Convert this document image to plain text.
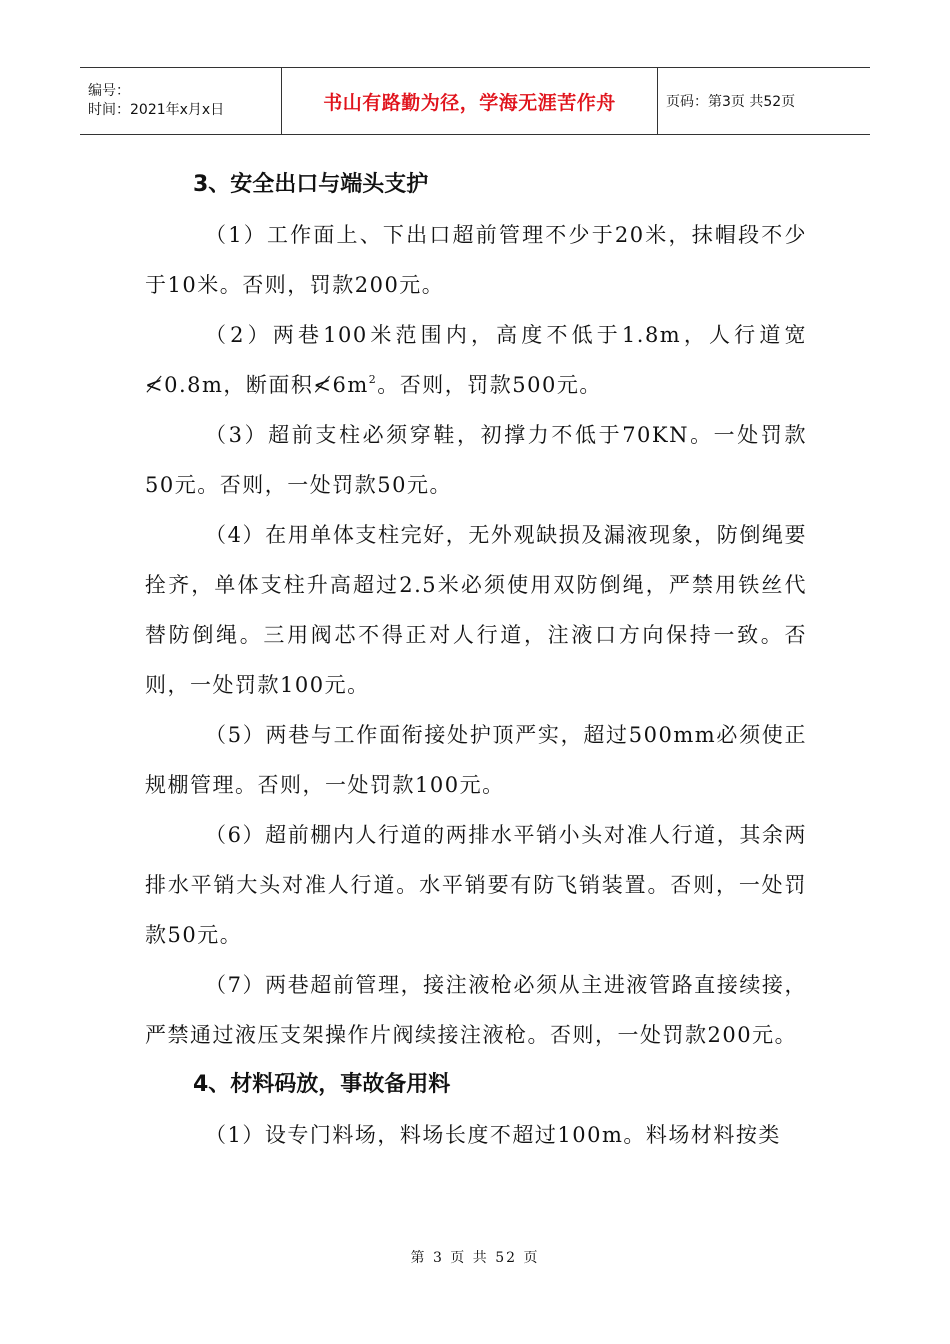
编号：
时间：2021年x月x日	书山有路勤为径，学海无涯苦作舟	页码：第3页 共52页

3、安全出口与端头支护

（1）工作面上、下出口超前管理不少于20米，抹帽段不少于10米。否则，罚款200元。

（2）两巷100米范围内，高度不低于1.8m，人行道宽≮0.8m，断面积$≮6m^2$。否则，罚款500元。

（3）超前支柱必须穿鞋，初撑力不低于70KN。一处罚款50元。否则，一处罚款50元。

（4）在用单体支柱完好，无外观缺损及漏液现象，防倒绳要拴齐，单体支柱升高超过2.5米必须使用双防倒绳，严禁用铁丝代替防倒绳。三用阀芯不得正对人行道，注液口方向保持一致。否则，一处罚款100元。

（5）两巷与工作面衔接处护顶严实，超过500mm必须使正规棚管理。否则，一处罚款100元。

（6）超前棚内人行道的两排水平销小头对准人行道，其余两排水平销大头对准人行道。水平销要有防飞销装置。否则，一处罚款50元。

（7）两巷超前管理，接注液枪必须从主进液管路直接续接，严禁通过液压支架操作片阀续接注液枪。否则，一处罚款200元。

4、材料码放，事故备用料

（1）设专门料场，料场长度不超过100m。料场材料按类

第 3 页 共 52 页
